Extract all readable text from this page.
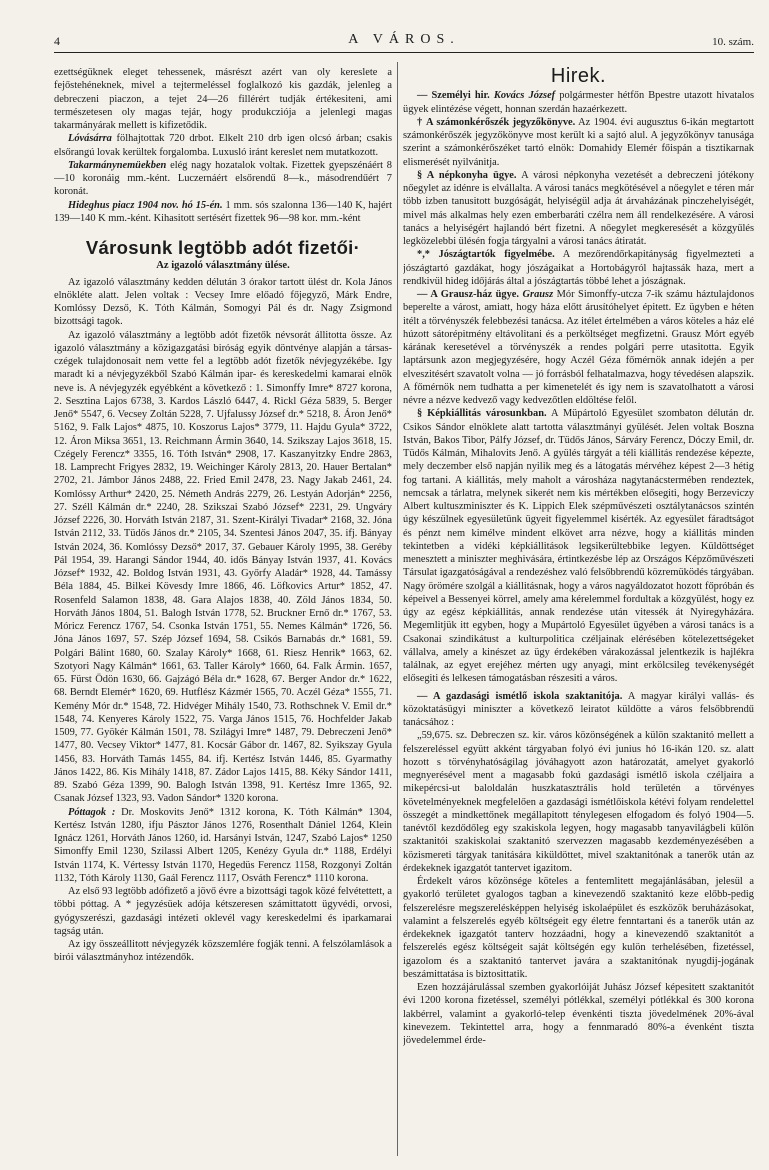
4	A VÁROS.	10. szám.

ezettségüknek eleget tehessenek, másrészt azért van oly kereslete a fejőstehéneknek, mivel a tejtermeléssel foglalkozó kis gazdák, jelenleg a debreczeni piaczon, a tejet 24—26 fillérért tudják értékesiteni, ami természetesen oly magas tejár, hogy produkcziója a jelenlegi magas takarmányárak mellett is kifizetődik.

Lóvásárra fölhajtottak 720 drbot. Elkelt 210 drb igen olcsó árban; csakis elsőrangú lovak kerültek forgalomba. Luxusló iránt kereslet nem mutatkozott.

Takarmánynemüekben elég nagy hozatalok voltak. Fizettek gyepszénáért 8—10 koronáig mm.-ként. Luczernáért elsőrendű 8—k., másodrendűért 7 koronát.

Hideghus piacz 1904 nov. hó 15-én. 1 mm. sós szalonna 136—140 K, hajért 139—140 K mm.-ként. Kihasitott sertésért fizettek 96—98 kor. mm.-ként

Városunk legtöbb adót fizetői·
Az igazoló választmány ülése.

Az igazoló választmány kedden délután 3 órakor tartott ülést dr. Kola János elnökléte alatt. Jelen voltak : Vecsey Imre előadó főjegyző, Márk Endre, Komlóssy Dezső, K. Tóth Kálmán, Somogyi Pál és dr. Nagy Zsigmond bizottsági tagok.

Az igazoló választmány a legtöbb adót fizetők névsorát állitotta össze. Az igazoló választmány a közigazgatási biróság egyik döntvénye alapján a társas-czégek tulajdonosait nem vette fel a legtöbb adót fizetők névjegyzékébe. Igy maradt ki a névjegyzékből Szabó Kálmán ipar- és kereskedelmi kamarai elnök neve is. A névjegyzék egyébként a következő : 1. Simonffy Imre* 8727 korona, 2. Sesztina Lajos 6738, 3. Kardos László 6447, 4. Rickl Géza 5839, 5. Berger Jenő* 5547, 6. Vecsey Zoltán 5228, 7. Ujfalussy József dr.* 5218, 8. Áron Jenő* 5162, 9. Falk Lajos* 4875, 10. Koszorus Lajos* 3779, 11. Hajdu Gyula* 3722, 12. Áron Miksa 3651, 13. Reichmann Ármin 3640, 14. Szikszay Lajos 3618, 15. Czégely Ferencz* 3355, 16. Tóth István* 2908, 17. Kaszanyitzky Endre 2863, 18. Lamprecht Frigyes 2832, 19. Weichinger Károly 2813, 20. Hauer Bertalan* 2702, 21. Jámbor János 2488, 22. Fried Emil 2478, 23. Nagy Jakab 2461, 24. Komlóssy Arthur* 2420, 25. Németh András 2279, 26. Lestyán Adorján* 2256, 27. Széll Kálmán dr.* 2240, 28. Szikszai Szabó József* 2231, 29. Ungváry József 2226, 30. Horváth István 2187, 31. Szent-Királyi Tivadar* 2168, 32. Jóna István 2112, 33. Tüdős János dr.* 2105, 34. Szentesi János 2047, 35. ifj. Bányay István 2024, 36. Komlóssy Dezső* 2017, 37. Gebauer Károly 1995, 38. Geréby Pál 1954, 39. Harangi Sándor 1944, 40. idős Bányay István 1937, 41. Kovács József* 1932, 42. Boldog István 1931, 43. Győrfy Aladár* 1928, 44. Tamássy Béla 1884, 45. Bilkei Kövesdy Imre 1866, 46. Löfkovics Artur* 1852, 47. Rosenfeld Salamon 1838, 48. Gara Alajos 1838, 40. Zöld János 1834, 50. Horváth János 1804, 51. Balogh István 1778, 52. Bruckner Ernő dr.* 1767, 53. Móricz Ferencz 1767, 54. Csonka István 1751, 55. Nemes Kálmán* 1726, 56. Jóna János 1697, 57. Szép József 1694, 58. Csikós Barnabás dr.* 1681, 59. Polgári Bálint 1680, 60. Szalay Károly* 1668, 61. Riesz Henrik* 1663, 62. Szotyori Nagy Kálmán* 1661, 63. Taller Károly* 1660, 64. Falk Ármin. 1657, 65. Fürst Ödön 1630, 66. Gajzágó Béla dr.* 1628, 67. Berger Andor dr.* 1622, 68. Berndt Elemér* 1620, 69. Hutflész Kázmér 1565, 70. Aczél Géza* 1555, 71. Kemény Mór dr.* 1548, 72. Hidvéger Mihály 1540, 73. Rothschnek V. Emil dr.* 1548, 74. Kenyeres Károly 1522, 75. Varga János 1515, 76. Hochfelder Jakab 1509, 77. Gyökér Kálmán 1501, 78. Szilágyi Imre* 1487, 79. Debreczeni Jenő* 1477, 80. Vecsey Viktor* 1477, 81. Kocsár Gábor dr. 1467, 82. Syikszay Gyula 1456, 83. Horváth Tamás 1455, 84. ifj. Kertész István 1446, 85. Gyarmathy János 1422, 86. Kis Mihály 1418, 87. Zádor Lajos 1415, 88. Kéky Sándor 1411, 89. Szabó Géza 1399, 90. Balogh István 1398, 91. Kertész Imre 1365, 92. Csanak József 1323, 93. Vadon Sándor* 1320 korona.

Póttagok : Dr. Moskovits Jenő* 1312 korona, K. Tóth Kálmán* 1304, Kertész István 1280, ifju Pásztor János 1276, Rosenthalt Dániel 1264, Klein Ignácz 1261, Horváth János 1260, id. Harsányi István, 1247, Szabó Lajos* 1250 Simonffy Emil 1230, Szilassi Albert 1205, Kenézy Gyula dr.* 1188, Erdélyi István 1174, K. Vértessy István 1170, Hegedüs Ferencz 1158, Rozgonyi Zoltán 1132, Tóth Károly 1130, Gaál Ferencz 1117, Osváth Ferencz* 1110 korona.

Az első 93 legtöbb adófizető a jövő évre a bizottsági tagok közé felvétettett, a többi póttag. A * jegyzésüek adója kétszeresen számittatott ügyvédi, orvosi, gyógyszerészi, gazdasági intézeti oklevél vagy kereskedelmi és iparkamarai tagság után.

Az igy összeállitott névjegyzék közszemlére fogják tenni. A felszólamlások a birói választmányhoz intézendők.

Hirek.

— Személyi hir. Kovács József polgármester hétfőn Bpestre utazott hivatalos ügyek elintézése végett, honnan szerdán hazaérkezett.

† A számonkérőszék jegyzőkönyve. Az 1904. évi augusztus 6-ikán megtartott számonkérőszék jegyzőkönyve most került ki a sajtó alul. A jegyzőkönyv tanusága szerint a számonkérőszéket tartó elnök: Domahidy Elemér főispán a tisztikarnak elismerését nyilvánitja.

§ A népkonyha ügye. A városi népkonyha vezetését a debreczeni jótékony nőegylet az idénre is elvállalta. A városi tanács megkötésével a nőegylet e téren már több izben tanusitott buzgóságát, helyiségül adja át árvaházának pinczehelyiségét, mivel más alkalmas hely ezen emberbaráti czélra nem áll rendelkezésére. A városi tanács a helyiségért hajlandó bért fizetni. A nőegylet megkeresését a közgyűlés legközelebbi ülésén fogja tárgyalni a városi tanács átiratát.

*,* Jószágtartók figyelmébe. A mezőrendőrkapitányság figyelmezteti a jószágtartó gazdákat, hogy jószágaikat a Hortobágyról hajtassák haza, mert a rendkivül hideg időjárás által a jószágtartás többé lehet a jószágnak.

— A Grausz-ház ügye. Grausz Mór Simonffy-utcza 7-ik számu háztulajdonos beperelte a várost, amiatt, hogy háza előtt árusítóhelyet épitett. Ez ügyben e héten itélt a törvényszék felebbezési tanácsa. Az itélet értelmében a város köteles a ház elé húzott sátorépitmény eltávolitani és a perköltséget megfizetni. Grausz Mórt egyéb kárának keresetével a törvényszék a rendes polgári perre utasitotta. Egyik laptársunk azon megjegyzésére, hogy Aczél Géza főmérnök annak idején a per elveszitésért szavatolt volna — jó forrásból felhatalmazva, hogy tévedésen alapszik. A főmérnök nem tudhatta a per kimenetelét és igy nem is szavatolhatott a városi névre a nézve kedvező vagy kedvezőtlen eldöltése felől.

§ Képkiállitás városunkban. A Müpártoló Egyesület szombaton délután dr. Csikos Sándor elnöklete alatt tartotta választmányi gyülését. Jelen voltak Boszna István, Bakos Tibor, Pálfy József, dr. Tüdős János, Sárváry Ferencz, Dóczy Emil, dr. Tüdős Kálmán, Mihalovits Jenő. A gyülés tárgyát a téli kiállitás rendezése képezte, mely deczember első napján nyilik meg és a látogatás mérvéhez képest 2—3 hétig fog tartani. A kiállitás, mely maholt a városháza nagytanácstermében rendeztek, nemcsak a tárlatra, melynek sikerét nem kis mértékben elősegiti, hogy Berzeviczy Albert kultuszminiszter és K. Lippich Elek szépművészeti osztálytanácsos szintén úgy készülnek egyesületünk ügyeit figyelemmel kisérték. Az egyesület fáradtságot és pénzt nem kimélve mindent elkövet arra nézve, hogy a kiállitás minden tekintetben a vidéki képkiállitások legsikerültebbike legyen. Küldöttséget menesztett a miniszter meghivására, értintkezésbe lép az Országos Képzőművészeti Társulat igazgatóságával a rendezéshez való felsőbbrendű közremüködés tárgyában. Nagy örömére szolgál a kiállitásnak, hogy a város nagyáldozatot hozott főpróbán és képeivel a Bessenyei körrel, amely ama kérelemmel fordultak a közgyülést, hogy ez úgy az egész képkiállitás, annak rendezése után vitessék át Nyiregyházára. Megemlitjük itt egyben, hogy a Mupártoló Egyesület ügyében a városi tanács is a Csakonai szindikátust a kulturpolitica czéljainak elérésében kötelezettségeket vállalva, amely a kinészet az ügy érdekében várakozással jelentkezik is hajlékra találnak, az egyet erejéhez mérten ugy anyagi, mint erkölcsileg tevékenységét elősegiti és lelkesen támogatásban részesiti a város.

— A gazdasági ismétlő iskola szaktanitója. A magyar királyi vallás- és közoktatásügyi miniszter a következő leiratot küldötte a város felsőbbrendű tanácsához :

„59,675. sz. Debreczen sz. kir. város közönségének a külön szaktanitó mellett a felszereléssel együtt akként tárgyaban folyó évi junius hó 16-ikán 120. sz. alatt hozott s törvényhatóságilag jóváhagyott azon határozatát, amelyet gyakorló megnyerésével ment a magasabb fokú gazdasági ismétlő iskola czéljaira a mikepércsi-ut baloldalán huszkatasztrális hold területén a törvényes követelményeknek megfelelően a gazdasági ismétlőiskola kétévi folyam rendelettel összegét a mindkettőnek megállapitott ténylegesen elfogadom és folyó 1904—5. tanévtől kezdődőleg egy szakiskola legyen, hogy magasabb tanyavilágbeli külön szaktanitói szakiskolai szaktanitó szervezzen magasabb kezdeményezésében a közismereti tárgyak tanitására kiküldöttet, mivel szaktanitónak a tanerők után az érdekeknek igazgatót tantervet igazitom.

Érdekelt város közönsége köteles a fentemlitett megajánlásában, jelesül a gyakorló területet gyalogos tagban a kinevezendő szaktanitó keze előbb-pedig felszerelésre megszerelésképpen helyiség iskolaépület és eszközök beruházásokat, valamint a felszerelés egyéb költségeit egy életre fenntartani és a tanerők után az érdekeknek igazgatót tanterv hozzáadni, hogy a kinevezendő szaktanitót a felszerelés egész költségeit saját költségén egy kulön terhelésében, fizetéssel, igazolom és a szaktanitó tantervet javára a szaktanitónak nyugdij-jogának beszámittatása is biztosittatik.

Ezen hozzájárulással szemben gyakorlóiját Juhász József képesitett szaktanitót évi 1200 korona fizetéssel, személyi pótlékkal, személyi pótlékkal és 300 korona lakbérrel, valamint a gyakorló-telep évenkénti tiszta jövedelmének 20%-ával kinevezem. Tekintettel arra, hogy a fennmaradó 80%-a évenként tiszta jövedelemmel érde-
